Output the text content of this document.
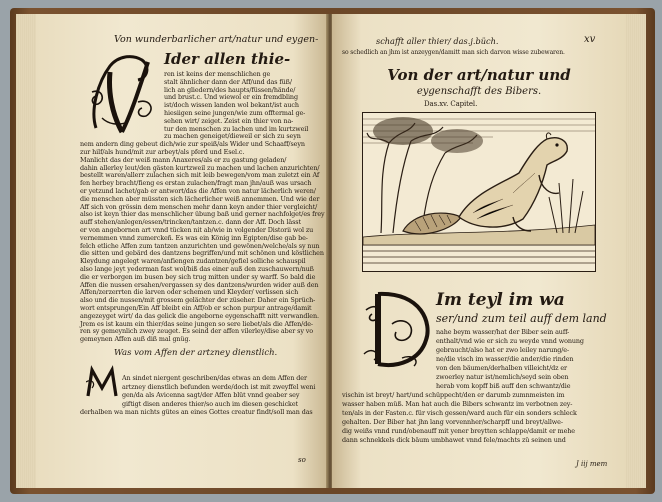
Von wunderbarlicher art/natur und eygen-
Ider allen thie-
ren ist keins der menschlichen ge
stalt ähnlicher dann der Aff/und das füß/
lich an gliedern/des haupts/füssen/hände/
und brust.c. Und wiewol er ein fremdbling
ist/doch wissen landen wol bekant/ist auch
hiesiigen seine jungen/wie zum offtermal ge-
sehen wirt/ zeiget. Zeist ein thier von na-
tur den menschen zu lachen und im kurtzweil
zu machen geneiget/dieweil er sich zu seyn
nem andern ding gebeut dich/wie zur speiß/als Wider und Schaaff/seyn
zur hilf/als hund/mit zur arbeyt/als pferd und Esel.c.
Manlicht das der weiß mann Anaxeres/als er zu gastung geladen/
dahin allerley leut/den gästen kurtzweil zu machen und lachen anzurichten/
bestellt waren/allerr zulachen sich mit leib bewegen/vom man zuletzt ein Af
fen herbey bracht/fieng es erstan zulachen/fragt man jhn/auß was ursach
er yetzund lachet/gab er antwort/das die Affen von natur lächerlich weren/
die menschen aber müssten sich lächerlicher weiß annemmen. Und wie der
Aff sich von grössin dem menschen mehr dann keyn ander thier vergleicht/
also ist keyn thier das menschlicher übung baß und gerner nachfolget/es frey
auff stehen/anlegen/essen/trincken/tantzen.c. dann der Aff. Doch lässt
er von angebornen art vnnd tücken nit ab/wie in volgender Distorii wol zu
vernemmen vnnd zumerckeñ. Es was ein König inn Egipten/dise gab be-
felch etliche Affen zum tantzen anzurichten und gewönen/welche/als sy nun
die sitten und gebärd des dantzens begriffen/und mit schönen und köstlichen
Kleydung angelegt waren/anfiengen zudantzen/gefiel solliche schauspil
also lange jeyt yederman fast wol/biß das einer auß den zuschauwern/nuß
die er verborgen im busen bey sich trug mitten under sy warff. So bald die
Affen die nussen ersahen/vergassen sy des dantzens/wurden wider auß den
Affen/zerzerrten die larven oder schemen und Kleyder/ verlissen sich
also und die nussen/mit grossem gelächter der züseher. Daher ein Sprüch-
wort entsprungen/Ein Aff bleibt ein Aff/ob er schon purpur antrage/damit
angezeyget wirt/ da das gelick die angeborne eygenschafft nitt verwandlen.
Jrem es ist kaum ein thier/das seine jungen so sere liebet/als die Affen/de-
ren sy gemeynlich zwey zeuget. Es seind der affen vilerley/dise aber sy vo
gemeynen Affen auß diß mal gnüg.
Was vom Affen der artzney dienstlich.
An sindet niergent geschriben/das etwas an dem Affen der
artzney dienstlich befunden werde/doch ist mit zweyffel weni
gen/da als Avicenna sagt/der Affen blüt vnnd geaber sey
giftigt disen anderes thier/so auch im diesen geschicket
derhalben wa man nichts gütes an eines Gottes creatur findt/soll man das
so
schafft aller thier/ das.j.büch.	xv
so schedlich an jhm ist anzeygen/damitt man sich darvon wisse zubewaren.
Von der art/natur und
eygenschafft des Bibers.
Das.xv. Capitel.
Im teyl im wa
ser/und zum teil auff dem land
nahe beym wasser/hat der Biber sein auff-
enthalt/vnd wie er sich zu weyde vnnd wonung
gebraucht/also hat er zwo leiley narung/e-
ne/die visch im wasser/die ander/die rinden
von den bäumen/derhalben villeicht/dz er
zwoerley natur ist/nemlich/seyd sein oben
herab vom kopff biß auff den schwantz/die
vischin ist breyt/ hart/und schüppecht/den er darumb zumnmeisten im
wasser haben müß. Man hat auch die Bibers schwantz im verbotnen zey-
ten/als in der Fasten.c. für visch gessen/ward auch für ein sonders schleck
gehalten. Der Biber hat jhn lang vorvennher/scharpff und breyt/allwe-
dig weißs vnnd rund/obenauff mit yener breytten schlappe/damit er mehe
dann schnekkels dick bäum umbhawet vnnd fele/machts zü seinen und
J iij mem
